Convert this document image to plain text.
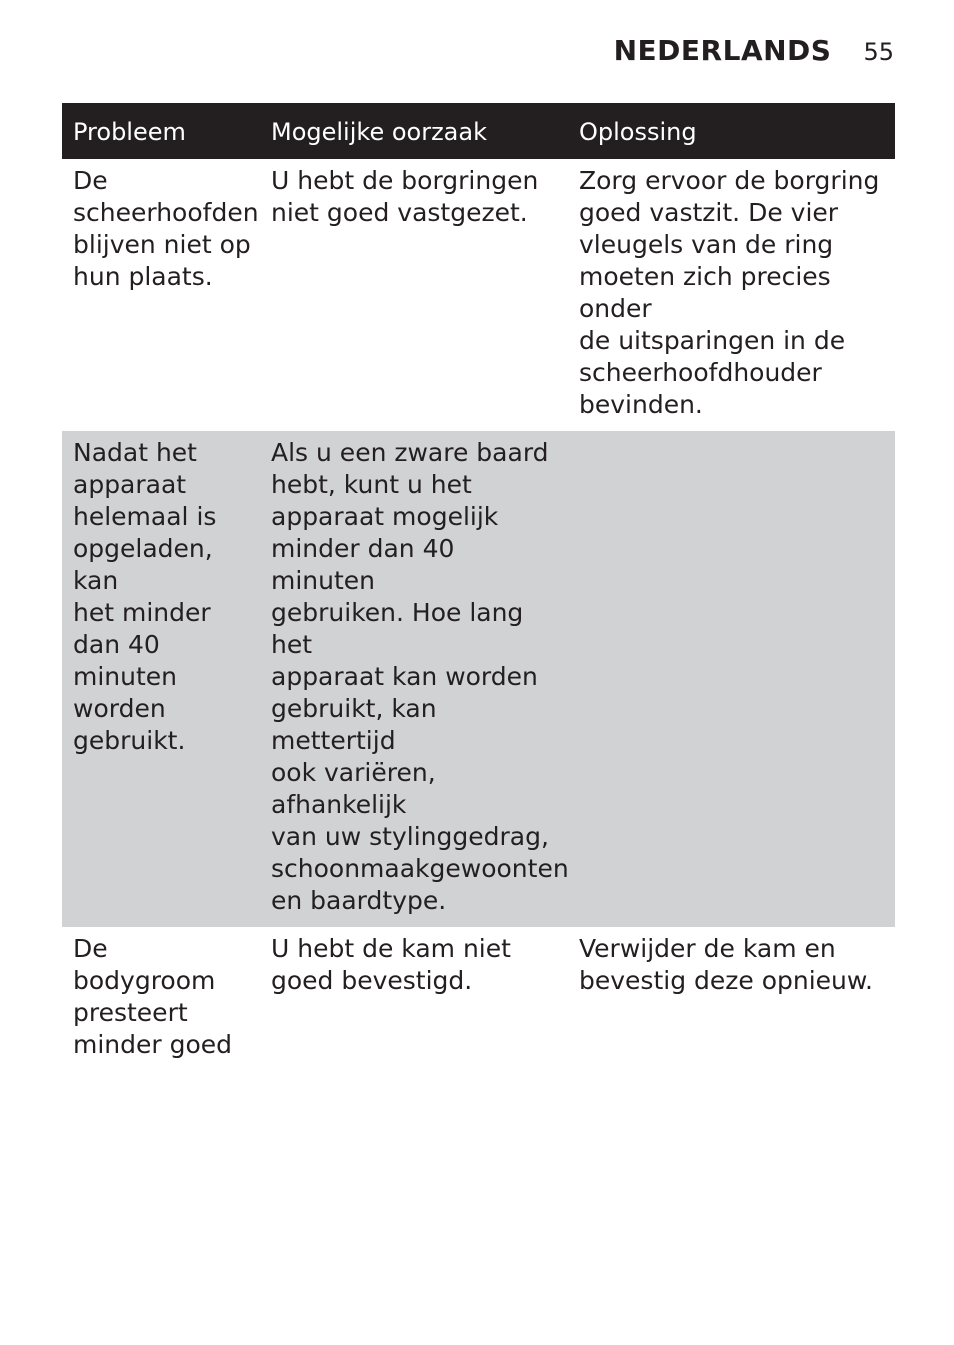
NEDERLANDS 55
Probleem	Mogelijke oorzaak	Oplossing
De
scheerhoofden
blijven niet op
hun plaats.
U hebt de borgringen
niet goed vastgezet.
Zorg ervoor de borgring
goed vastzit. De vier
vleugels van de ring
moeten zich precies onder
de uitsparingen in de
scheerhoofdhouder
bevinden.
Nadat het
apparaat
helemaal is
opgeladen, kan
het minder
dan 40
minuten
worden
gebruikt.
Als u een zware baard
hebt, kunt u het
apparaat mogelijk
minder dan 40 minuten
gebruiken. Hoe lang het
apparaat kan worden
gebruikt, kan mettertijd
ook variëren, afhankelijk
van uw stylinggedrag,
schoonmaakgewoonten
en baardtype.
De
bodygroom
presteert
minder goed
U hebt de kam niet
goed bevestigd.
Verwijder de kam en
bevestig deze opnieuw.
